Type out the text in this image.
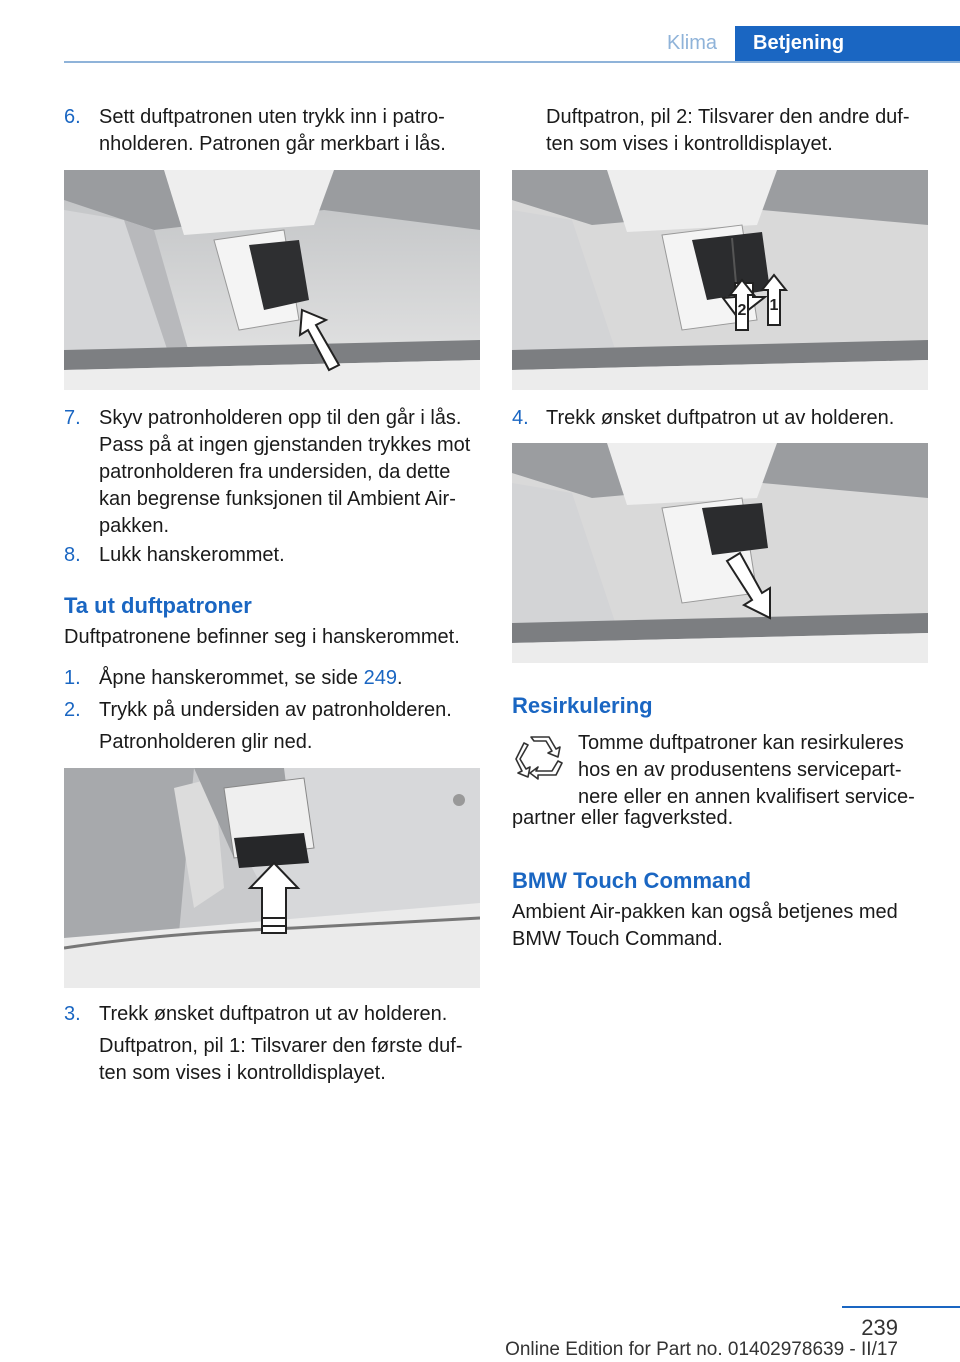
Klima	Betjening
6. Sett duftpatronen uten trykk inn i patro-
nholderen. Patronen går merkbart i lås.
7. Skyv patronholderen opp til den går i lås.
Pass på at ingen gjenstanden trykkes mot
patronholderen fra undersiden, da dette
kan begrense funksjonen til Ambient Air-
pakken.
8. Lukk hanskerommet.
Ta ut duftpatroner
Duftpatronene befinner seg i hanskerommet.
1. Åpne hanskerommet, se side 249.
2. Trykk på undersiden av patronholderen.
Patronholderen glir ned.
3. Trekk ønsket duftpatron ut av holderen.
Duftpatron, pil 1: Tilsvarer den første duf-
ten som vises i kontrolldisplayet.
Duftpatron, pil 2: Tilsvarer den andre duf-
ten som vises i kontrolldisplayet.
1
2
4. Trekk ønsket duftpatron ut av holderen.
Resirkulering
Tomme duftpatroner kan resirkuleres
hos en av produsentens servicepart-
nere eller en annen kvalifisert service-
partner eller fagverksted.
BMW Touch Command
Ambient Air-pakken kan også betjenes med
BMW Touch Command.
239
Online Edition for Part no. 01402978639 - II/17
